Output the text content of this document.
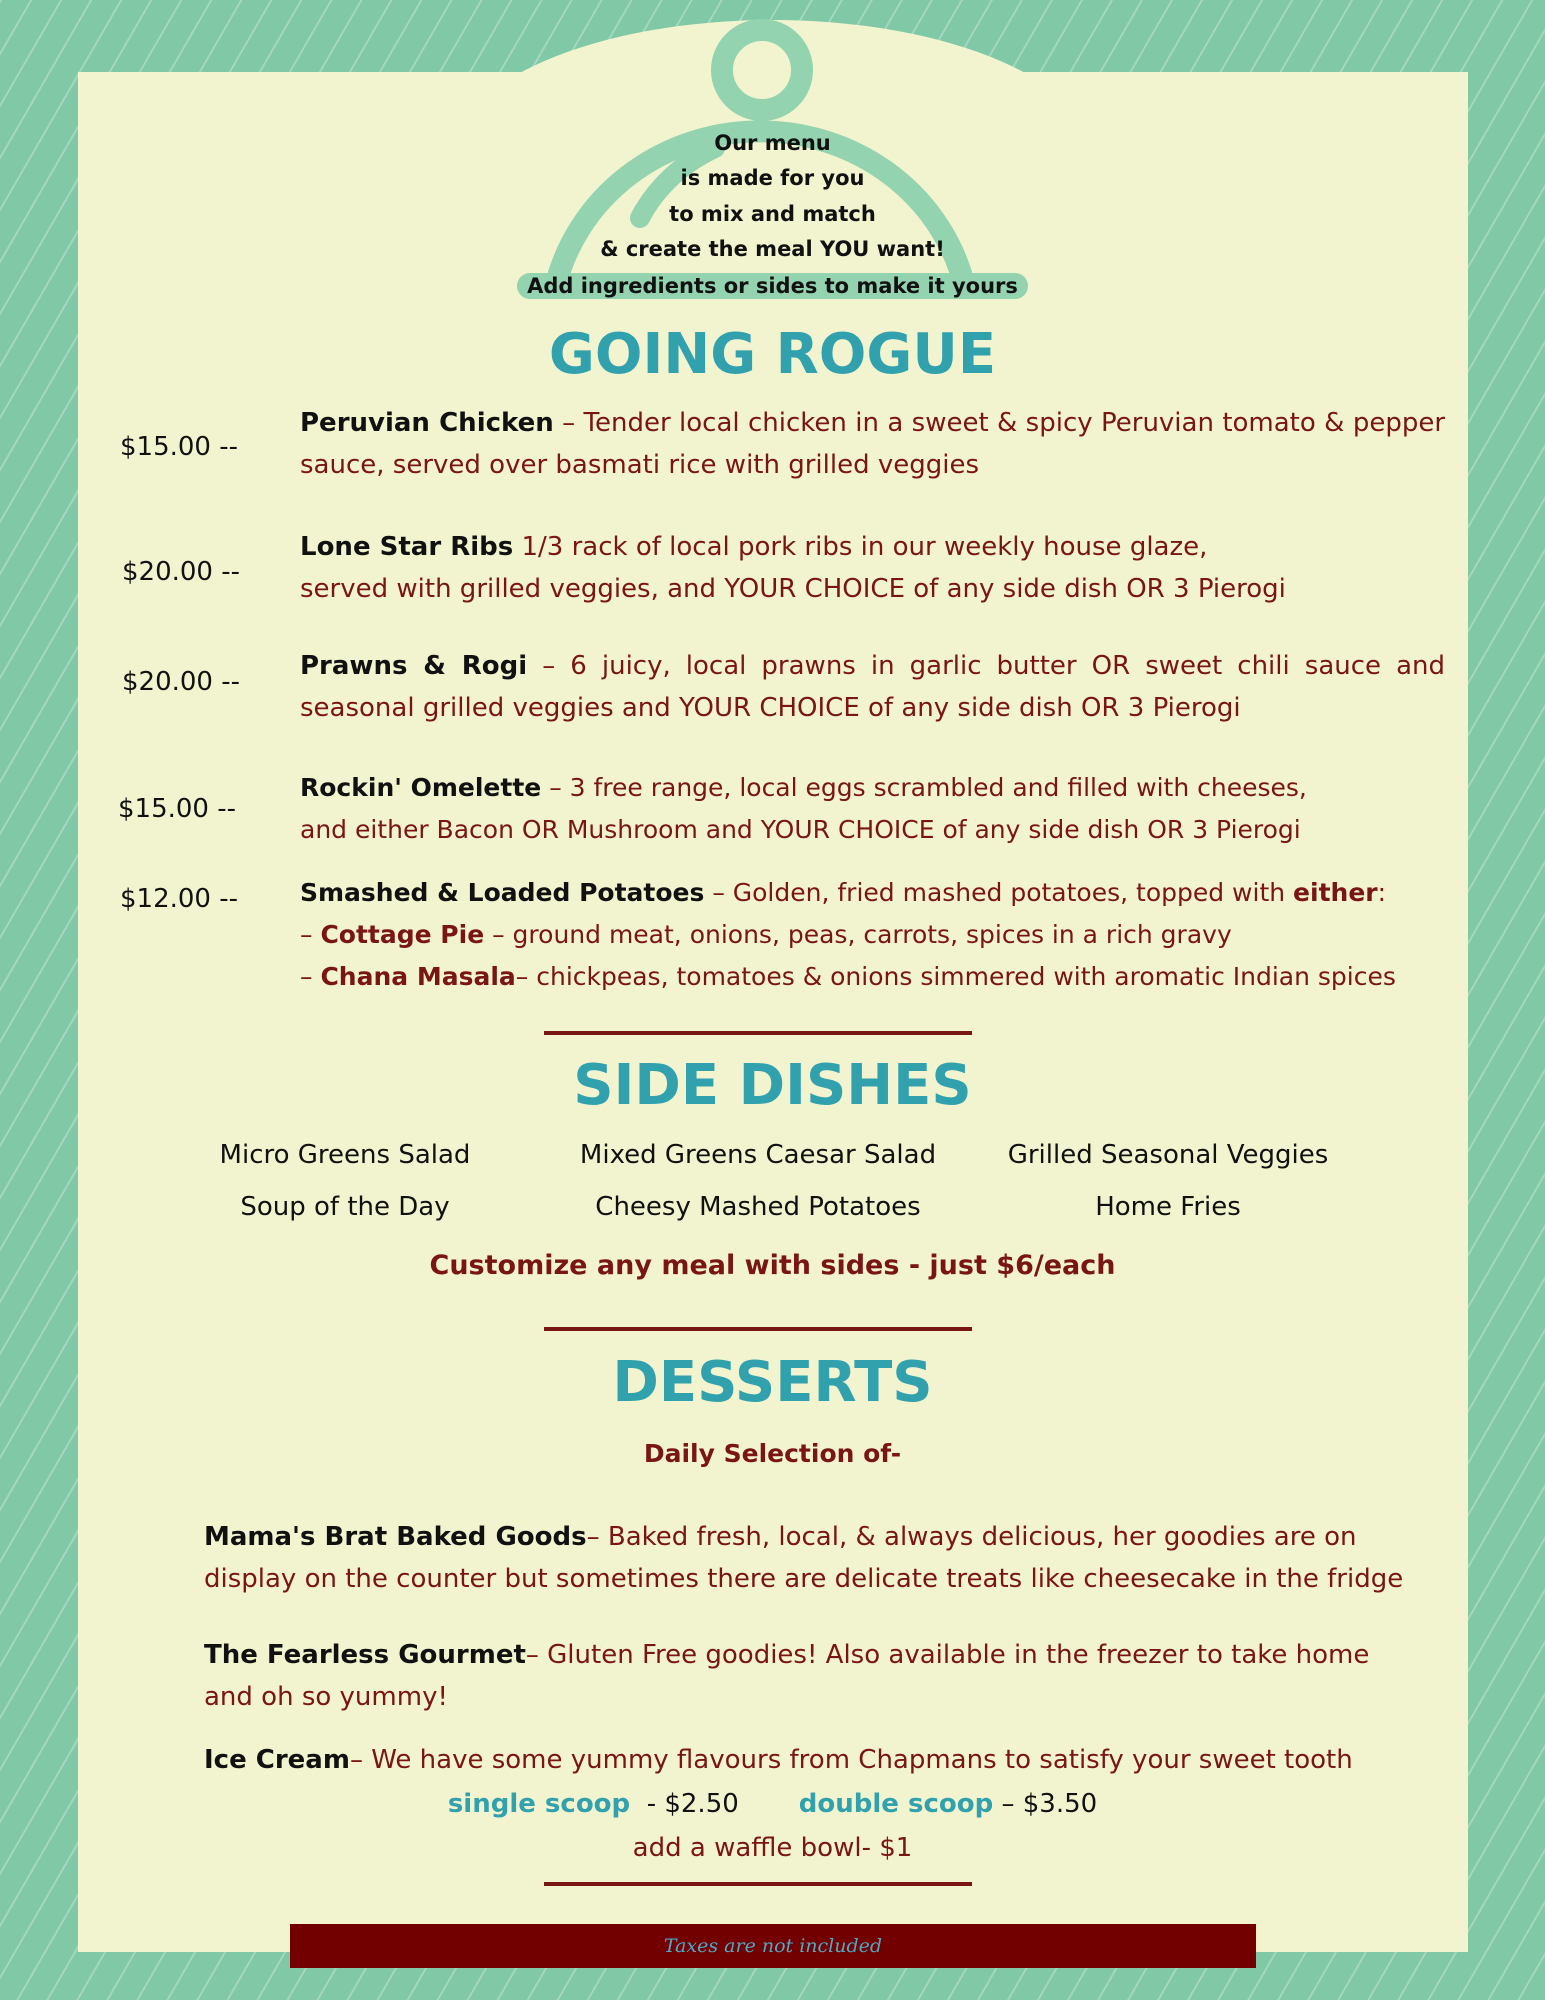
Our menu
is made for you
to mix and match
& create the meal YOU want!
Add ingredients or sides to make it yours
GOING ROGUE
$15.00 --
Peruvian Chicken – Tender local chicken in a sweet & spicy Peruvian tomato & pepper sauce, served over basmati rice with grilled veggies
$20.00 --
Lone Star Ribs 1/3 rack of local pork ribs in our weekly house glaze,
served with grilled veggies, and YOUR CHOICE of any side dish OR 3 Pierogi
$20.00 --
Prawns & Rogi – 6 juicy, local prawns in garlic butter OR sweet chili sauce and seasonal grilled veggies and YOUR CHOICE of any side dish OR 3 Pierogi
$15.00 --
Rockin' Omelette – 3 free range, local eggs scrambled and filled with cheeses,
and either Bacon OR Mushroom and YOUR CHOICE of any side dish OR 3 Pierogi
$12.00 -- Smashed & Loaded Potatoes – Golden, fried mashed potatoes, topped with either:
– Cottage Pie – ground meat, onions, peas, carrots, spices in a rich gravy
– Chana Masala– chickpeas, tomatoes & onions simmered with aromatic Indian spices
SIDE DISHES
Micro Greens Salad	Mixed Greens Caesar Salad	Grilled Seasonal Veggies
Soup of the Day	Cheesy Mashed Potatoes	Home Fries
Customize any meal with sides - just $6/each
DESSERTS
Daily Selection of-
Mama's Brat Baked Goods– Baked fresh, local, & always delicious, her goodies are on display on the counter but sometimes there are delicate treats like cheesecake in the fridge
The Fearless Gourmet– Gluten Free goodies! Also available in the freezer to take home and oh so yummy!
Ice Cream– We have some yummy flavours from Chapmans to satisfy your sweet tooth
single scoop  - $2.50 double scoop – $3.50
add a waffle bowl- $1
Taxes are not included
